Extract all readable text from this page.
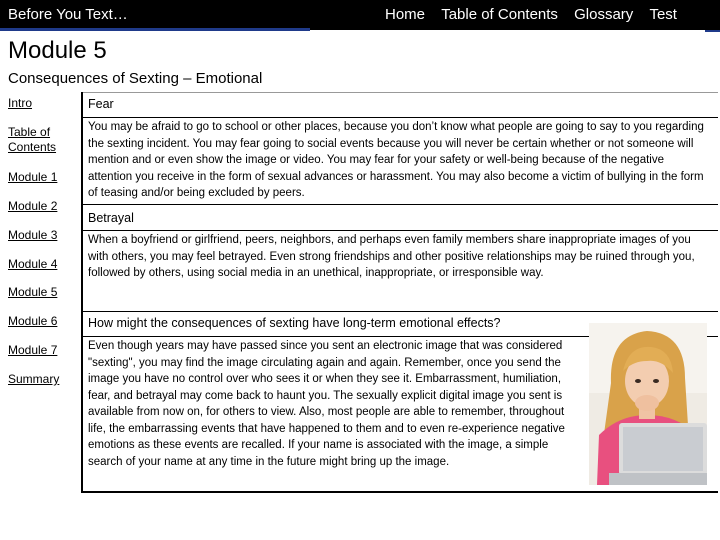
Before You Text…	Home Table of Contents Glossary Test
Module 5
Consequences of Sexting – Emotional
Intro
Table of Contents
Module 1
Module 2
Module 3
Module 4
Module 5
Module 6
Module 7
Summary
Fear
You may be afraid to go to school or other places, because you don’t know what people are going to say to you regarding the sexting incident. You may fear going to social events because you will never be certain whether or not someone will mention and or even show the image or video. You may fear for your safety or well-being because of the negative attention you receive in the form of sexual advances or harassment. You may also become a victim of bullying in the form of teasing and/or being excluded by peers.
Betrayal
When a boyfriend or girlfriend, peers, neighbors, and perhaps even family members share inappropriate images of you with others, you may feel betrayed. Even strong friendships and other positive relationships may be ruined through you, followed by others, using social media in an unethical, inappropriate, or irresponsible way.
How might the consequences of sexting have long-term emotional effects?
Even though years may have passed since you sent an electronic image that was considered "sexting", you may find the image circulating again and again. Remember, once you send the image you have no control over who sees it or when they see it. Embarrassment, humiliation, fear, and betrayal may come back to haunt you. The sexually explicit digital image you sent is available from now on, for others to view. Also, most people are able to remember, throughout life, the embarrassing events that have happened to them and to even re-experience negative emotions as these events are recalled. If your name is associated with the image, a simple search of your name at any time in the future might bring up the image.
